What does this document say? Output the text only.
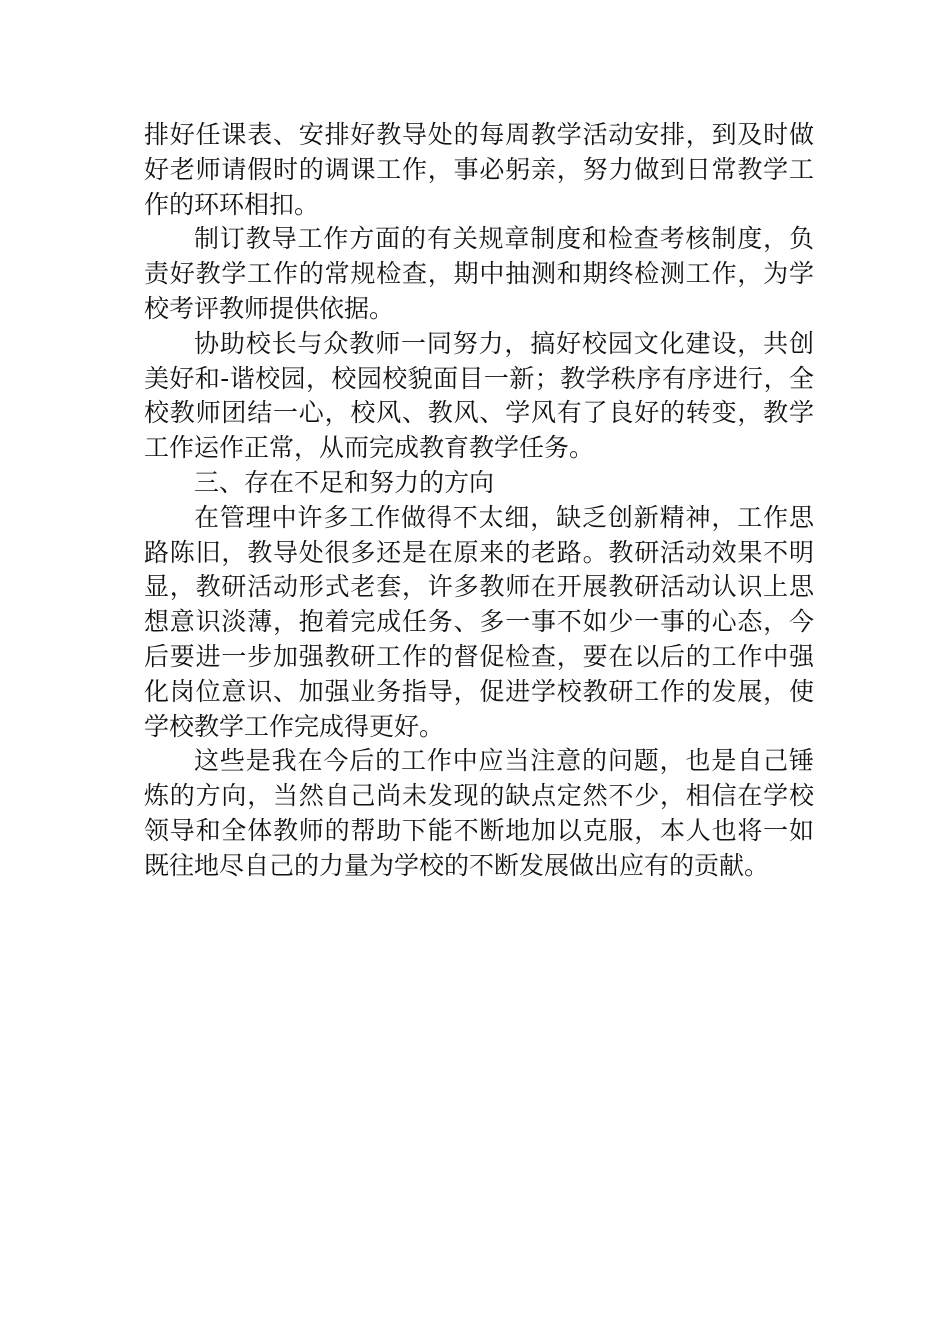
排好任课表、安排好教导处的每周教学活动安排，到及时做好老师请假时的调课工作，事必躬亲，努力做到日常教学工作的环环相扣。

制订教导工作方面的有关规章制度和检查考核制度，负责好教学工作的常规检查，期中抽测和期终检测工作，为学校考评教师提供依据。

协助校长与众教师一同努力，搞好校园文化建设，共创美好和-谐校园，校园校貌面目一新；教学秩序有序进行，全校教师团结一心，校风、教风、学风有了良好的转变，教学工作运作正常，从而完成教育教学任务。

三、存在不足和努力的方向

在管理中许多工作做得不太细，缺乏创新精神，工作思路陈旧，教导处很多还是在原来的老路。教研活动效果不明显，教研活动形式老套，许多教师在开展教研活动认识上思想意识淡薄，抱着完成任务、多一事不如少一事的心态，今后要进一步加强教研工作的督促检查，要在以后的工作中强化岗位意识、加强业务指导，促进学校教研工作的发展，使学校教学工作完成得更好。

这些是我在今后的工作中应当注意的问题，也是自己锤炼的方向，当然自己尚未发现的缺点定然不少，相信在学校领导和全体教师的帮助下能不断地加以克服，本人也将一如既往地尽自己的力量为学校的不断发展做出应有的贡献。
